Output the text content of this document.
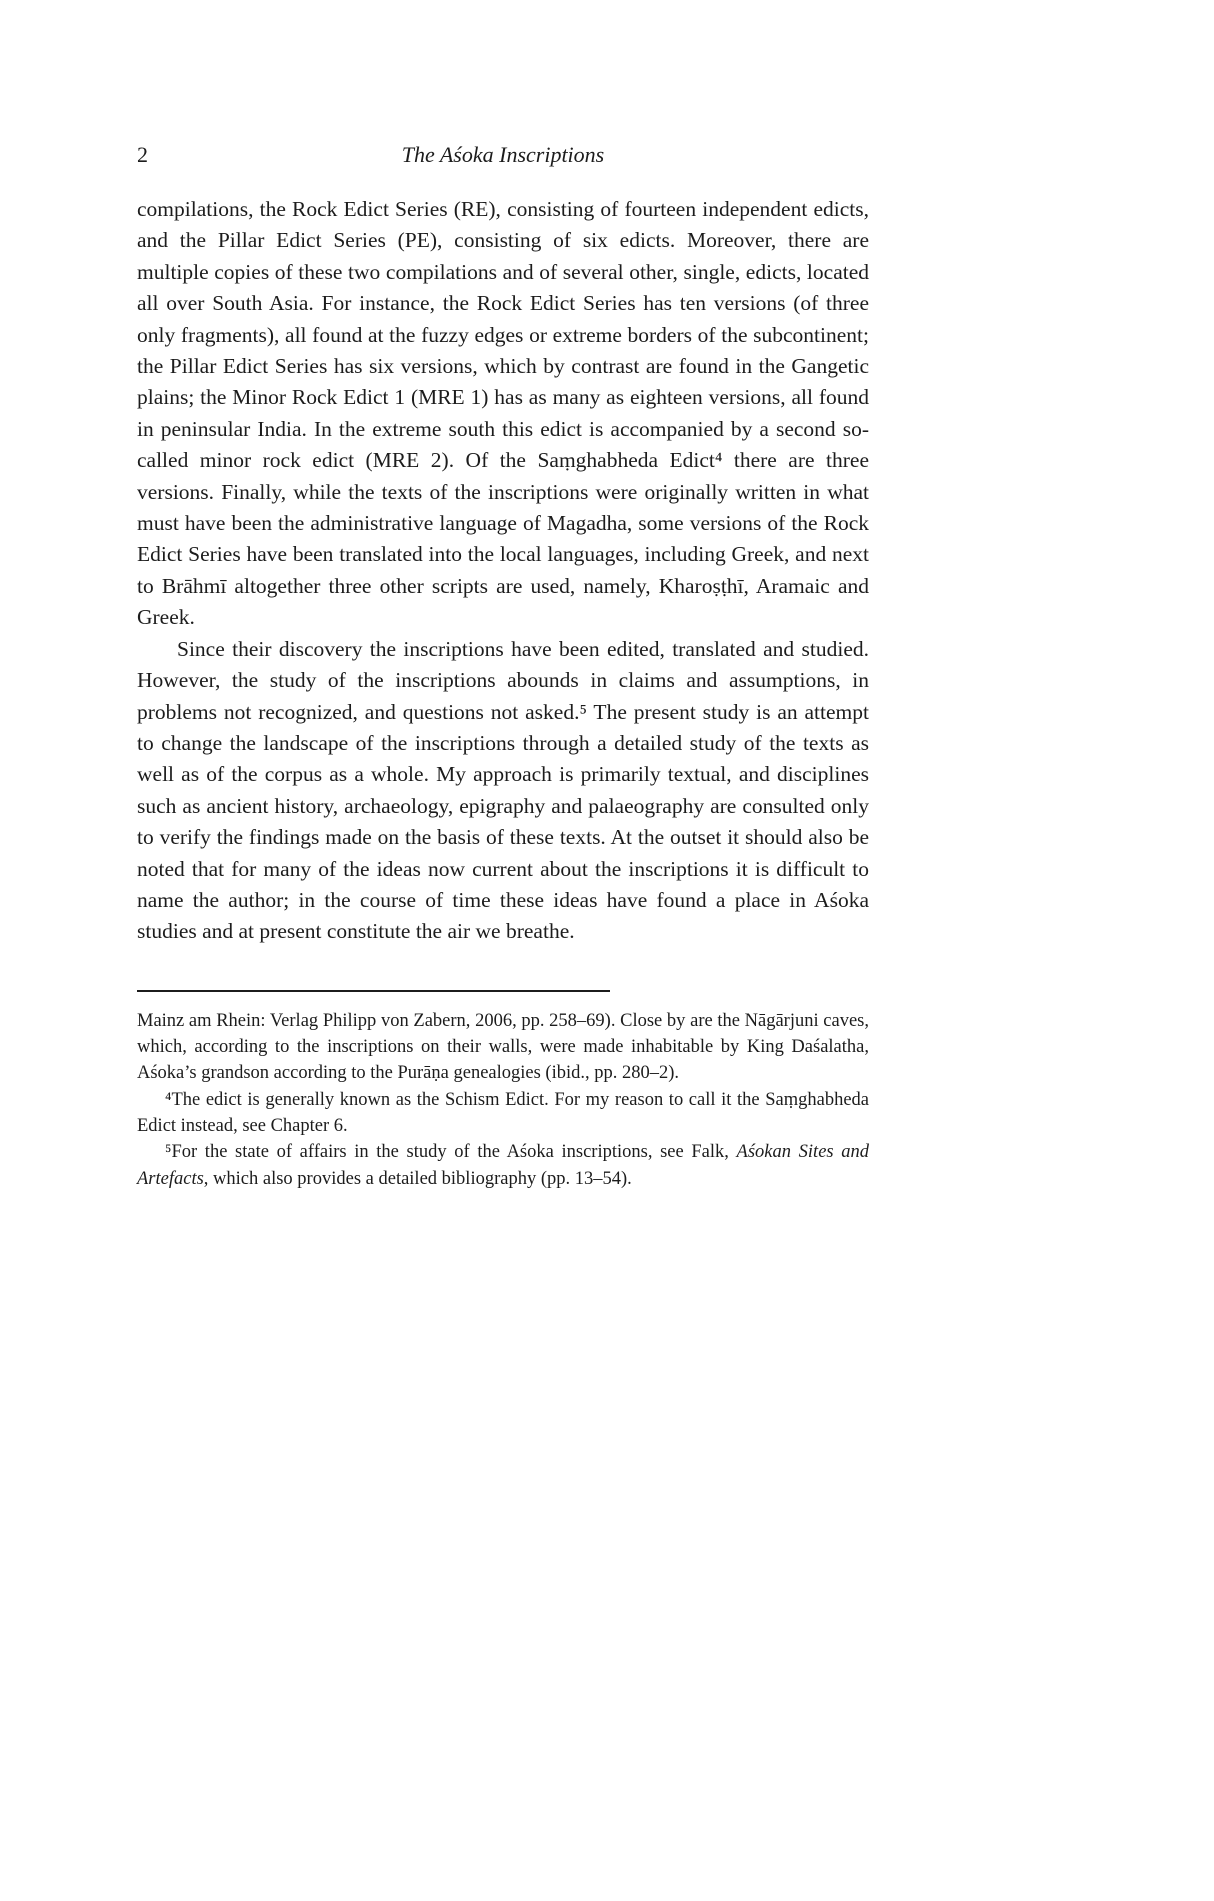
2	The Aśoka Inscriptions

compilations, the Rock Edict Series (RE), consisting of fourteen independent edicts, and the Pillar Edict Series (PE), consisting of six edicts. Moreover, there are multiple copies of these two compilations and of several other, single, edicts, located all over South Asia. For instance, the Rock Edict Series has ten versions (of three only fragments), all found at the fuzzy edges or extreme borders of the subcontinent; the Pillar Edict Series has six versions, which by contrast are found in the Gangetic plains; the Minor Rock Edict 1 (MRE 1) has as many as eighteen versions, all found in peninsular India. In the extreme south this edict is accompanied by a second so-called minor rock edict (MRE 2). Of the Saṃghabheda Edict⁴ there are three versions. Finally, while the texts of the inscriptions were originally written in what must have been the administrative language of Magadha, some versions of the Rock Edict Series have been translated into the local languages, including Greek, and next to Brāhmī altogether three other scripts are used, namely, Kharoṣṭhī, Aramaic and Greek.

Since their discovery the inscriptions have been edited, translated and studied. However, the study of the inscriptions abounds in claims and assumptions, in problems not recognized, and questions not asked.⁵ The present study is an attempt to change the landscape of the inscriptions through a detailed study of the texts as well as of the corpus as a whole. My approach is primarily textual, and disciplines such as ancient history, archaeology, epigraphy and palaeography are consulted only to verify the findings made on the basis of these texts. At the outset it should also be noted that for many of the ideas now current about the inscriptions it is difficult to name the author; in the course of time these ideas have found a place in Aśoka studies and at present constitute the air we breathe.

Mainz am Rhein: Verlag Philipp von Zabern, 2006, pp. 258–69). Close by are the Nāgārjuni caves, which, according to the inscriptions on their walls, were made inhabitable by King Daśalatha, Aśoka’s grandson according to the Purāṇa genealogies (ibid., pp. 280–2).

⁴The edict is generally known as the Schism Edict. For my reason to call it the Saṃghabheda Edict instead, see Chapter 6.

⁵For the state of affairs in the study of the Aśoka inscriptions, see Falk, Aśokan Sites and Artefacts, which also provides a detailed bibliography (pp. 13–54).
